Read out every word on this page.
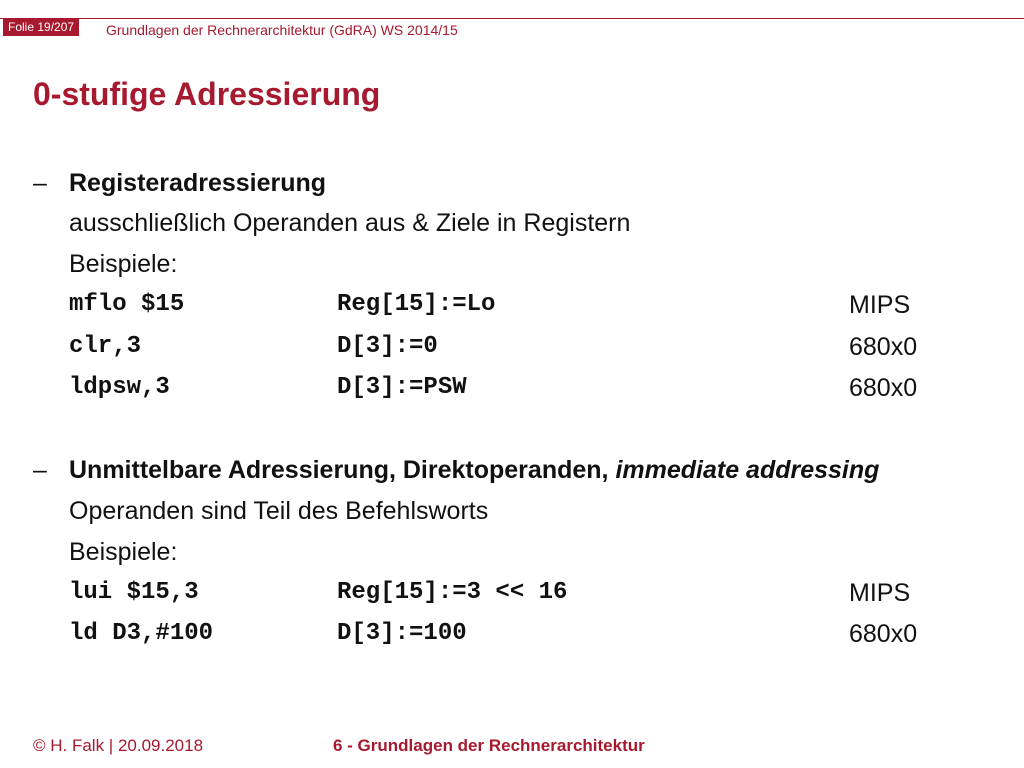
Folie 19/207	Grundlagen der Rechnerarchitektur (GdRA) WS 2014/15
0-stufige Adressierung
– Registeradressierung
ausschließlich Operanden aus & Ziele in Registern
Beispiele:
mflo $15	Reg[15]:=Lo	MIPS
clr,3	D[3]:=0	680x0
ldpsw,3	D[3]:=PSW	680x0
– Unmittelbare Adressierung, Direktoperanden, immediate addressing
Operanden sind Teil des Befehlsworts
Beispiele:
lui $15,3	Reg[15]:=3 << 16	MIPS
ld D3,#100	D[3]:=100	680x0
© H. Falk | 20.09.2018	6 - Grundlagen der Rechnerarchitektur
